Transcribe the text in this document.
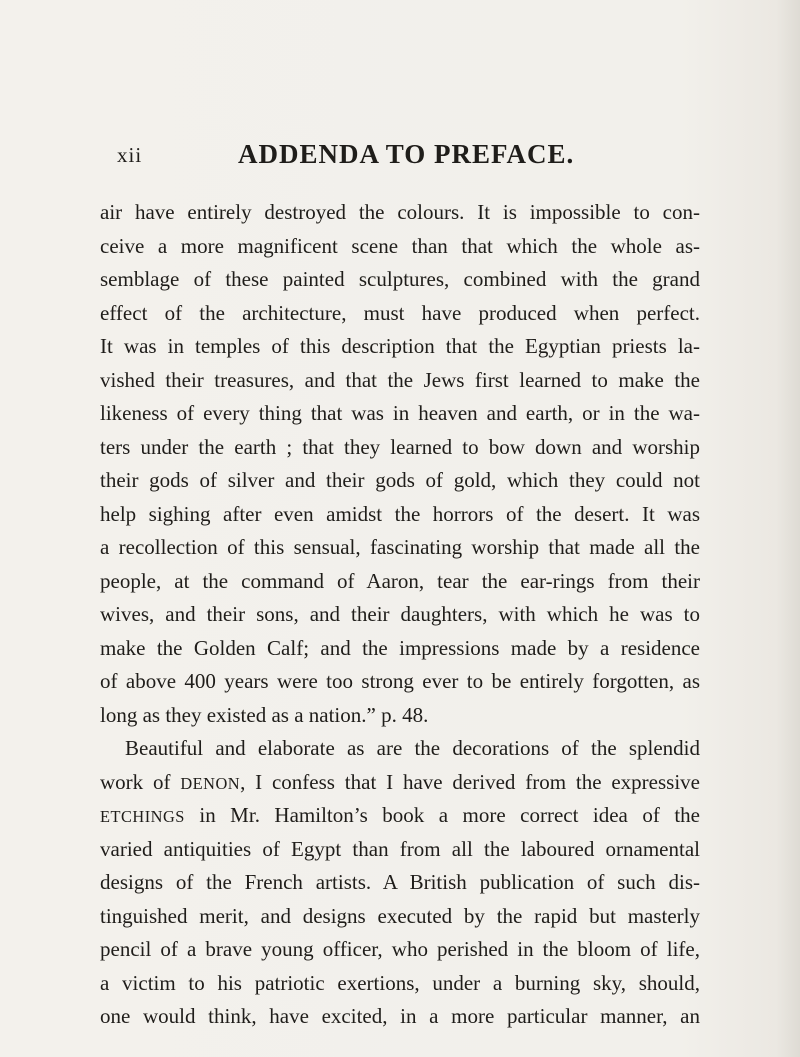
xii	ADDENDA TO PREFACE.
air have entirely destroyed the colours. It is impossible to con-
ceive a more magnificent scene than that which the whole as-
semblage of these painted sculptures, combined with the grand
effect of the architecture, must have produced when perfect.
It was in temples of this description that the Egyptian priests la-
vished their treasures, and that the Jews first learned to make the
likeness of every thing that was in heaven and earth, or in the wa-
ters under the earth ; that they learned to bow down and worship
their gods of silver and their gods of gold, which they could not
help sighing after even amidst the horrors of the desert. It was
a recollection of this sensual, fascinating worship that made all the
people, at the command of Aaron, tear the ear-rings from their
wives, and their sons, and their daughters, with which he was to
make the Golden Calf; and the impressions made by a residence
of above 400 years were too strong ever to be entirely forgotten, as
long as they existed as a nation.” p. 48.
Beautiful and elaborate as are the decorations of the splendid
work of DENON, I confess that I have derived from the expressive
ETCHINGS in Mr. Hamilton’s book a more correct idea of the
varied antiquities of Egypt than from all the laboured ornamental
designs of the French artists. A British publication of such dis-
tinguished merit, and designs executed by the rapid but masterly
pencil of a brave young officer, who perished in the bloom of life,
a victim to his patriotic exertions, under a burning sky, should,
one would think, have excited, in a more particular manner, an
